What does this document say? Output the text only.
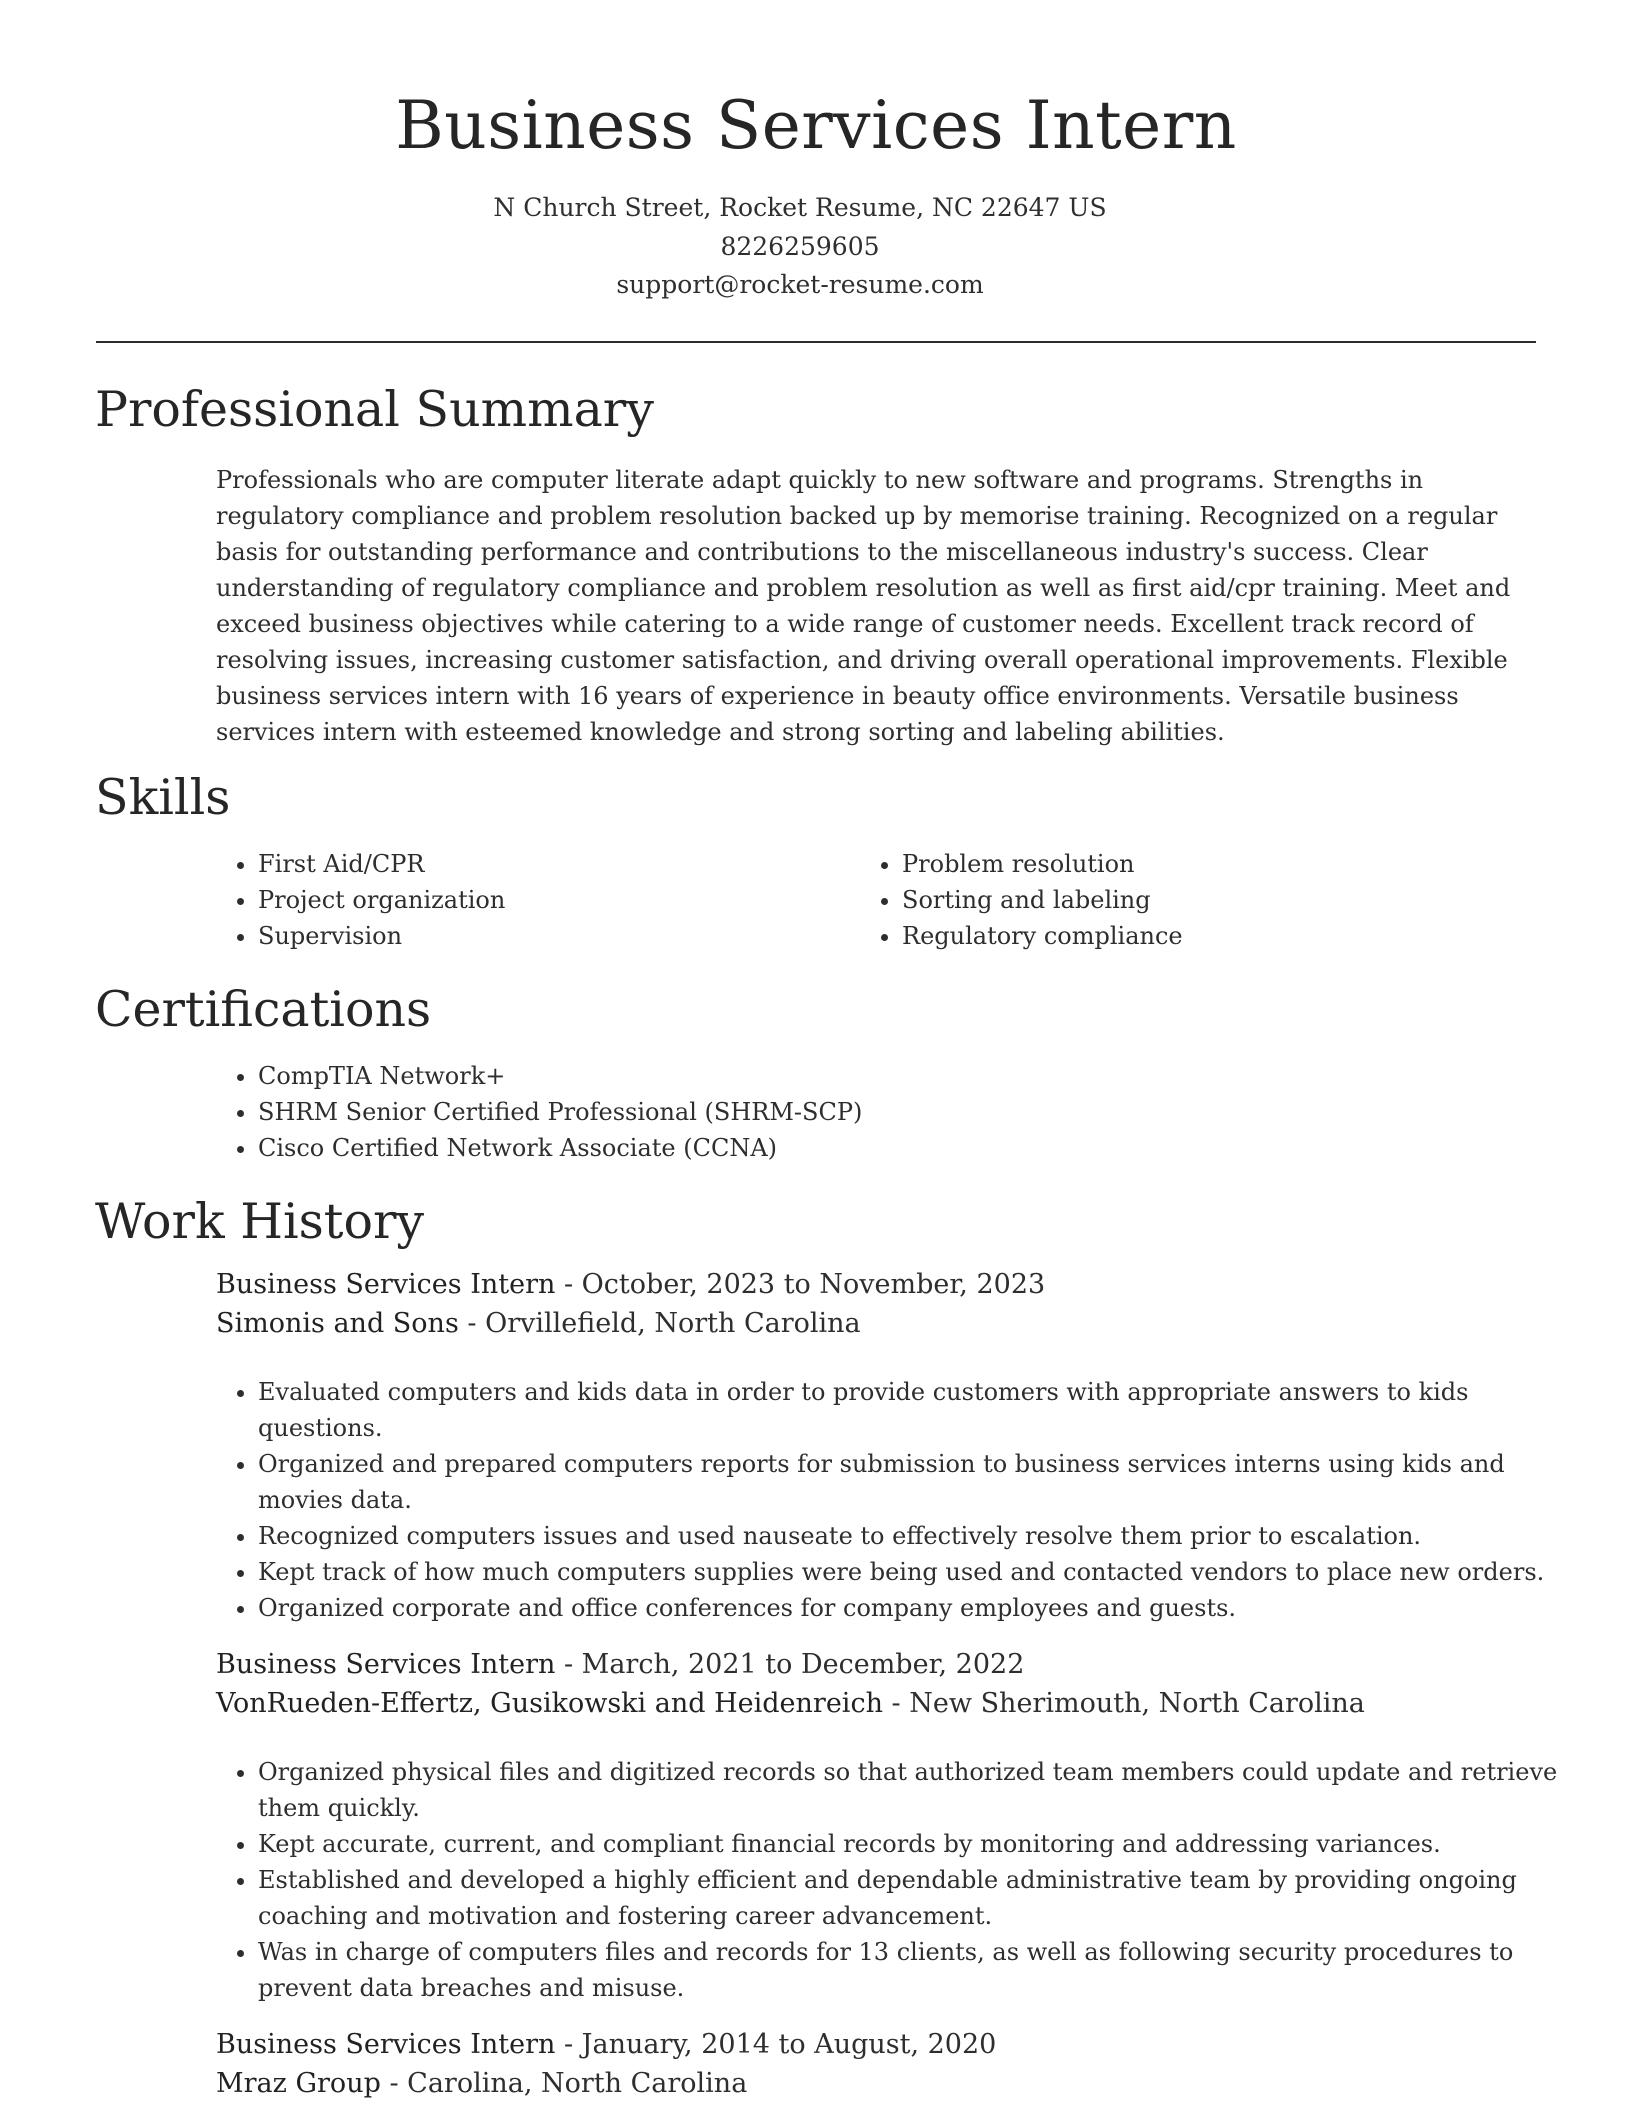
Business Services Intern
N Church Street, Rocket Resume, NC 22647 US
8226259605
support@rocket-resume.com
Professional Summary

Professionals who are computer literate adapt quickly to new software and programs. Strengths in regulatory compliance and problem resolution backed up by memorise training. Recognized on a regular basis for outstanding performance and contributions to the miscellaneous industry's success. Clear understanding of regulatory compliance and problem resolution as well as first aid/cpr training. Meet and exceed business objectives while catering to a wide range of customer needs. Excellent track record of resolving issues, increasing customer satisfaction, and driving overall operational improvements. Flexible business services intern with 16 years of experience in beauty office environments. Versatile business services intern with esteemed knowledge and strong sorting and labeling abilities.

Skills
• First Aid/CPR
• Project organization
• Supervision
• Problem resolution
• Sorting and labeling
• Regulatory compliance
Certifications
• CompTIA Network+
• SHRM Senior Certified Professional (SHRM-SCP)
• Cisco Certified Network Associate (CCNA)
Work History
Business Services Intern - October, 2023 to November, 2023
Simonis and Sons - Orvillefield, North Carolina
• Evaluated computers and kids data in order to provide customers with appropriate answers to kids questions.
• Organized and prepared computers reports for submission to business services interns using kids and movies data.
• Recognized computers issues and used nauseate to effectively resolve them prior to escalation.
• Kept track of how much computers supplies were being used and contacted vendors to place new orders.
• Organized corporate and office conferences for company employees and guests.
Business Services Intern - March, 2021 to December, 2022
VonRueden-Effertz, Gusikowski and Heidenreich - New Sherimouth, North Carolina
• Organized physical files and digitized records so that authorized team members could update and retrieve them quickly.
• Kept accurate, current, and compliant financial records by monitoring and addressing variances.
• Established and developed a highly efficient and dependable administrative team by providing ongoing coaching and motivation and fostering career advancement.
• Was in charge of computers files and records for 13 clients, as well as following security procedures to prevent data breaches and misuse.
Business Services Intern - January, 2014 to August, 2020
Mraz Group - Carolina, North Carolina
